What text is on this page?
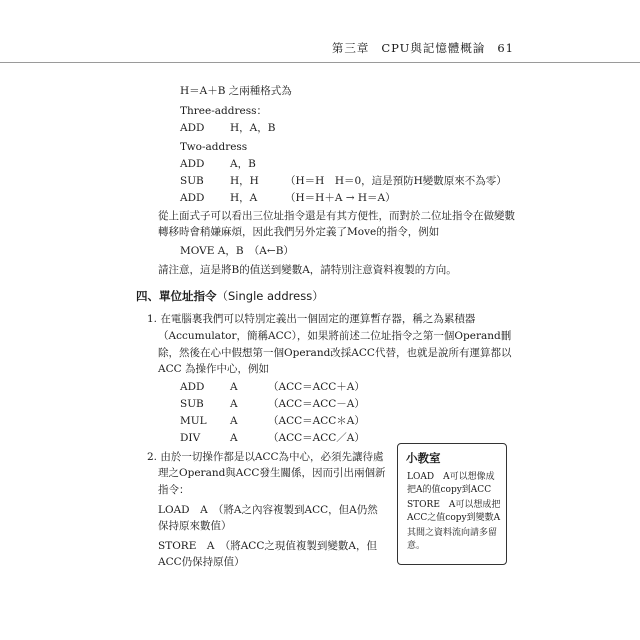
第三章 CPU與記憶體概論 61
H＝A＋B 之兩種格式為
Three-address：
ADD H，A，B
Two-address
ADD A，B
SUB H，H （H＝H　H＝0，這是預防H變數原來不為零）
ADD H，A	（H＝H＋A → H＝A）
從上面式子可以看出三位址指令還是有其方便性，而對於二位址指令在做變數
轉移時會稍嫌麻煩，因此我們另外定義了Move的指令，例如
MOVE A，B　（A←B）
請注意，這是將B的值送到變數A，請特別注意資料複製的方向。
四、單位址指令（Single address）
1. 在電腦裏我們可以特別定義出一個固定的運算暫存器，稱之為累積器
（Accumulator，簡稱ACC），如果將前述二位址指令之第一個Operand刪
除，然後在心中假想第一個Operand改採ACC代替，也就是說所有運算都以
ACC 為操作中心，例如
ADD A	（ACC＝ACC＋A）
SUB A	（ACC＝ACC－A）
MUL A	（ACC＝ACC＊A）
DIV	A	（ACC＝ACC／A）
2. 由於一切操作都是以ACC為中心，必須先讓待處
理之Operand與ACC發生關係，因而引出兩個新
指令：
LOAD　A　（將A之內容複製到ACC，但A仍然
保持原來數值）
STORE　A　（將ACC之現值複製到變數A，但
ACC仍保持原值）
小教室

LOAD　A可以想像成把A的值copy到ACC

STORE　A可以想成把ACC之值copy到變數A

其間之資料流向請多留意。
